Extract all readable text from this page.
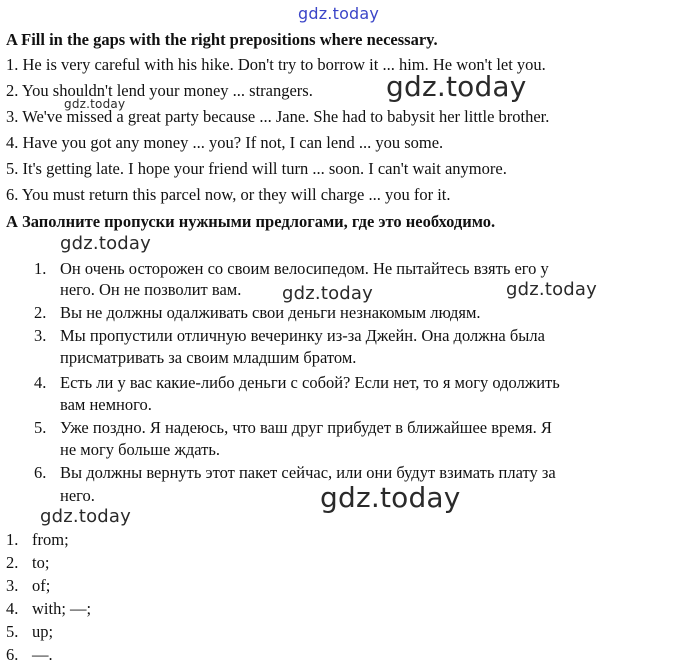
gdz.today
A Fill in the gaps with the right prepositions where necessary.
1. He is very careful with his hike. Don't try to borrow it ... him. He won't let you.
2. You shouldn't lend your money ... strangers.
3. We've missed a great party because ... Jane. She had to babysit her little brother.
4. Have you got any money ... you? If not, I can lend ... you some.
5. It's getting late. I hope your friend will turn ... soon. I can't wait anymore.
6. You must return this parcel now, or they will charge ... you for it.
А Заполните пропуски нужными предлогами, где это необходимо.
1. Он очень осторожен со своим велосипедом. Не пытайтесь взять его у
него. Он не позволит вам.
2. Вы не должны одалживать свои деньги незнакомым людям.
3. Мы пропустили отличную вечеринку из-за Джейн. Она должна была
присматривать за своим младшим братом.
4. Есть ли у вас какие-либо деньги с собой? Если нет, то я могу одолжить
вам немного.
5. Уже поздно. Я надеюсь, что ваш друг прибудет в ближайшее время. Я
не могу больше ждать.
6. Вы должны вернуть этот пакет сейчас, или они будут взимать плату за
него.
1. from;
2. to;
3. of;
4. with; —;
5. up;
6. —.
gdz.today
gdz.today
gdz.today
gdz.today	gdz.today
gdz.today
gdz.today
